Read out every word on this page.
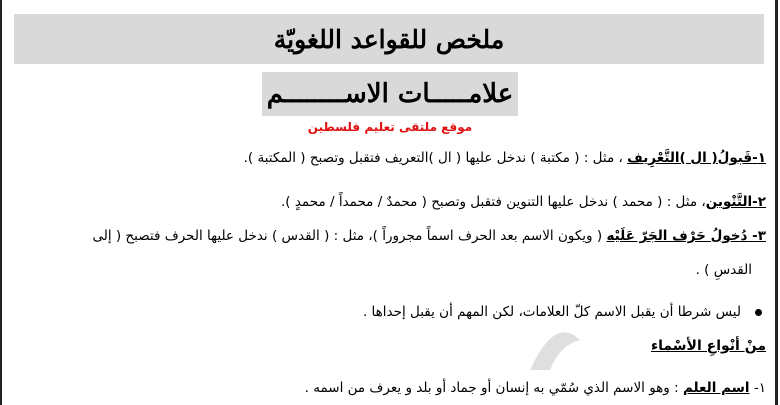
ملخص للقواعد اللغويّة
علامـــــات الاســــــــم
موقع ملتقى تعليم فلسطين
١-قَبولُ( ال )التَّعْرِيف ، مثل : ( مكتبة ) ندخل عليها ( ال )التعريف فتقبل وتصبح ( المكتبة ).
٢-التَّنْوين، مثل : ( محمد ) ندخل عليها التنوين فتقبل وتصبح ( محمدٌ / محمداً / محمدٍ ).
٣- دُخولُ حَرْف الجَرّ عَلَيْه ( ويكون الاسم بعد الحرف اسماً مجروراً )، مثل : ( القدس ) ندخل عليها الحرف فتصبح ( إلى
القدسِ ) .
ليس شرطا أن يقبل الاسم كلّ العلامات، لكن المهم أن يقبل إحداها .
منْ أنْواعِ الأسْماء
١- اسم العلم : وهو الاسم الذي سُمّي به إنسان أو جماد أو بلد و يعرف من اسمه .
